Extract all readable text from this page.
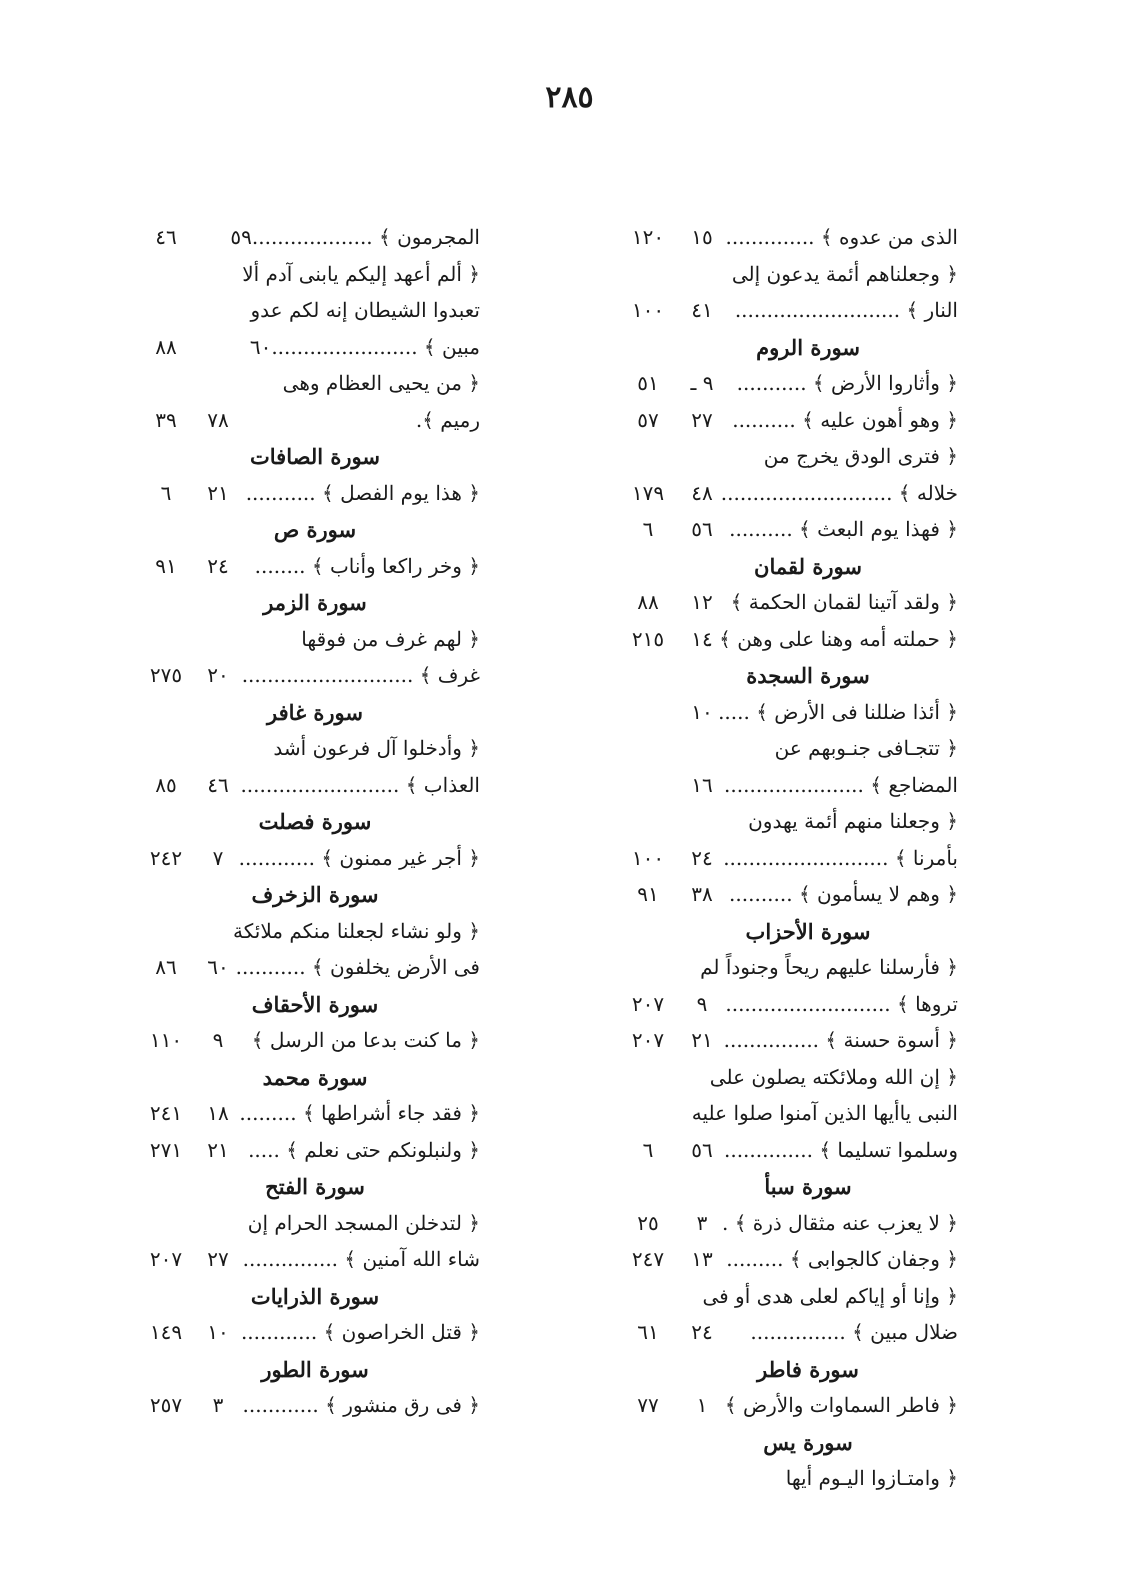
٢٨٥
الذى من عدوه ﴾ ..............
١٥
١٢٠
﴿ وجعلناهم أئمة يدعون إلى
النار ﴾ ..........................
٤١
١٠٠
سورة الروم
﴿ وأثاروا الأرض ﴾ ...........
٩ ـ
٥١
﴿ وهو أهون عليه ﴾ ..........
٢٧
٥٧
﴿ فترى الودق يخرج من
خلاله ﴾ ...........................
٤٨
١٧٩
﴿ فهذا يوم البعث ﴾ ..........
٥٦
٦
سورة لقمان
﴿ ولقد آتينا لقمان الحكمة ﴾
١٢
٨٨
﴿ حملته أمه وهنا على وهن ﴾ .
١٤
٢١٥
سورة السجدة
﴿ أئذا ضللنا فى الأرض ﴾ .....
١٠
﴿ تتجـافى جنـوبهم عن
المضاجع ﴾ ......................
١٦
﴿ وجعلنا منهم أئمة يهدون
بأمرنا ﴾ ..........................
٢٤
١٠٠
﴿ وهم لا يسأمون ﴾ ..........
٣٨
٩١
سورة الأحزاب
﴿ فأرسلنا عليهم ريحاً وجنوداً لم
تروها ﴾ ..........................
٩
٢٠٧
﴿ أسوة حسنة ﴾ ...............
٢١
٢٠٧
﴿ إن الله وملائكته يصلون على
النبى ياأيها الذين آمنوا صلوا عليه
وسلموا تسليما ﴾ ..............
٥٦
٦
سورة سبأ
﴿ لا يعزب عنه مثقال ذرة ﴾ .
٣
٢٥
﴿ وجفان كالجوابى ﴾ .........
١٣
٢٤٧
﴿ وإنا أو إياكم لعلى هدى أو فى
ضلال مبين ﴾ ...............
٢٤
٦١
سورة فاطر
﴿ فاطر السماوات والأرض ﴾
١
٧٧
سورة يس
﴿ وامتـازوا اليـوم أيها
المجرمون ﴾ ...................٥٩
٤٦
﴿ ألم أعهد إليكم يابنى آدم ألا
تعبدوا الشيطان إنه لكم عدو
مبين ﴾ .......................٦٠
٨٨
﴿ من يحيى العظام وهى
رميم ﴾.
٧٨
٣٩
سورة الصافات
﴿ هذا يوم الفصل ﴾ ...........
٢١
٦
سورة ص
﴿ وخر راكعا وأناب ﴾ ........
٢٤
٩١
سورة الزمر
﴿ لهم غرف من فوقها
غرف ﴾ ...........................
٢٠
٢٧٥
سورة غافر
﴿ وأدخلوا آل فرعون أشد
العذاب ﴾ .........................
٤٦
٨٥
سورة فصلت
﴿ أجر غير ممنون ﴾ ............
٧
٢٤٢
سورة الزخرف
﴿ ولو نشاء لجعلنا منكم ملائكة
فى الأرض يخلفون ﴾ ...........
٦٠
٨٦
سورة الأحقاف
﴿ ما كنت بدعا من الرسل ﴾
٩
١١٠
سورة محمد
﴿ فقد جاء أشراطها ﴾ .........
١٨
٢٤١
﴿ ولنبلونكم حتى نعلم ﴾ .....
٢١
٢٧١
سورة الفتح
﴿ لتدخلن المسجد الحرام إن
شاء الله آمنين ﴾ ...............
٢٧
٢٠٧
سورة الذرايات
﴿ قتل الخراصون ﴾ ............
١٠
١٤٩
سورة الطور
﴿ فى رق منشور ﴾ ............
٣
٢٥٧
